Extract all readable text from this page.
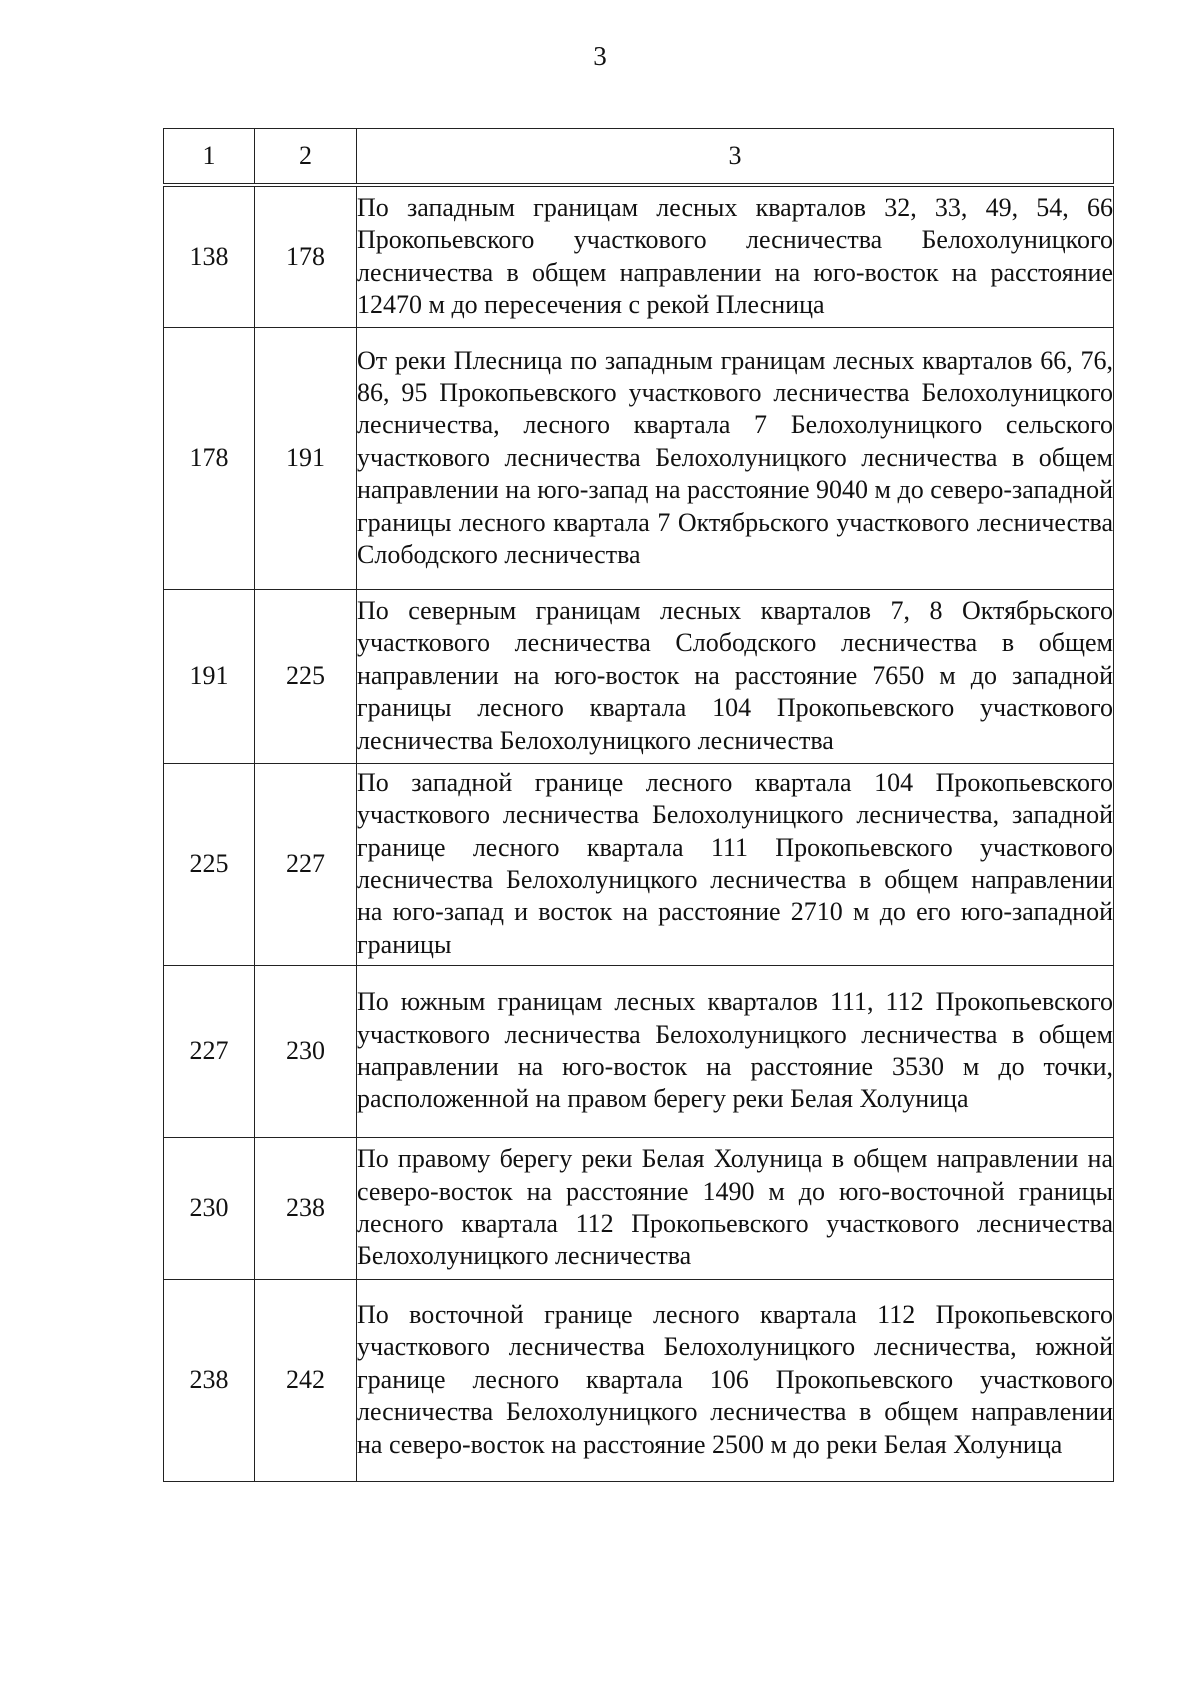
3
1	2	3
138	178	По западным границам лесных кварталов 32, 33, 49, 54, 66 Прокопьевского участкового лесничества Белохолуницкого лесничества в общем направлении на юго-восток на расстояние 12470 м до пересечения с рекой Плесница
178	191	От реки Плесница по западным границам лесных кварталов 66, 76, 86, 95 Прокопьевского участкового лесничества Белохолуницкого лесничества, лесного квартала 7 Белохолуницкого сельского участкового лесничества Белохолуницкого лесничества в общем направлении на юго-запад на расстояние 9040 м до северо-западной границы лесного квартала 7 Октябрьского участкового лесничества Слободского лесничества
191	225	По северным границам лесных кварталов 7, 8 Октябрьского участкового лесничества Слободского лесничества в общем направлении на юго-восток на расстояние 7650 м до западной границы лесного квартала 104 Прокопьевского участкового лесничества Белохолуницкого лесничества
225	227	По западной границе лесного квартала 104 Прокопьевского участкового лесничества Белохолуницкого лесничества, западной границе лесного квартала 111 Прокопьевского участкового лесничества Белохолуницкого лесничества в общем направлении на юго-запад и восток на расстояние 2710 м до его юго-западной границы
227	230	По южным границам лесных кварталов 111, 112 Прокопьевского участкового лесничества Белохолуницкого лесничества в общем направлении на юго-восток на расстояние 3530 м до точки, расположенной на правом берегу реки Белая Холуница
230	238	По правому берегу реки Белая Холуница в общем направлении на северо-восток на расстояние 1490 м до юго-восточной границы лесного квартала 112 Прокопьевского участкового лесничества Белохолуницкого лесничества
238	242	По восточной границе лесного квартала 112 Прокопьевского участкового лесничества Белохолуницкого лесничества, южной границе лесного квартала 106 Прокопьевского участкового лесничества Белохолуницкого лесничества в общем направлении на северо-восток на расстояние 2500 м до реки Белая Холуница
